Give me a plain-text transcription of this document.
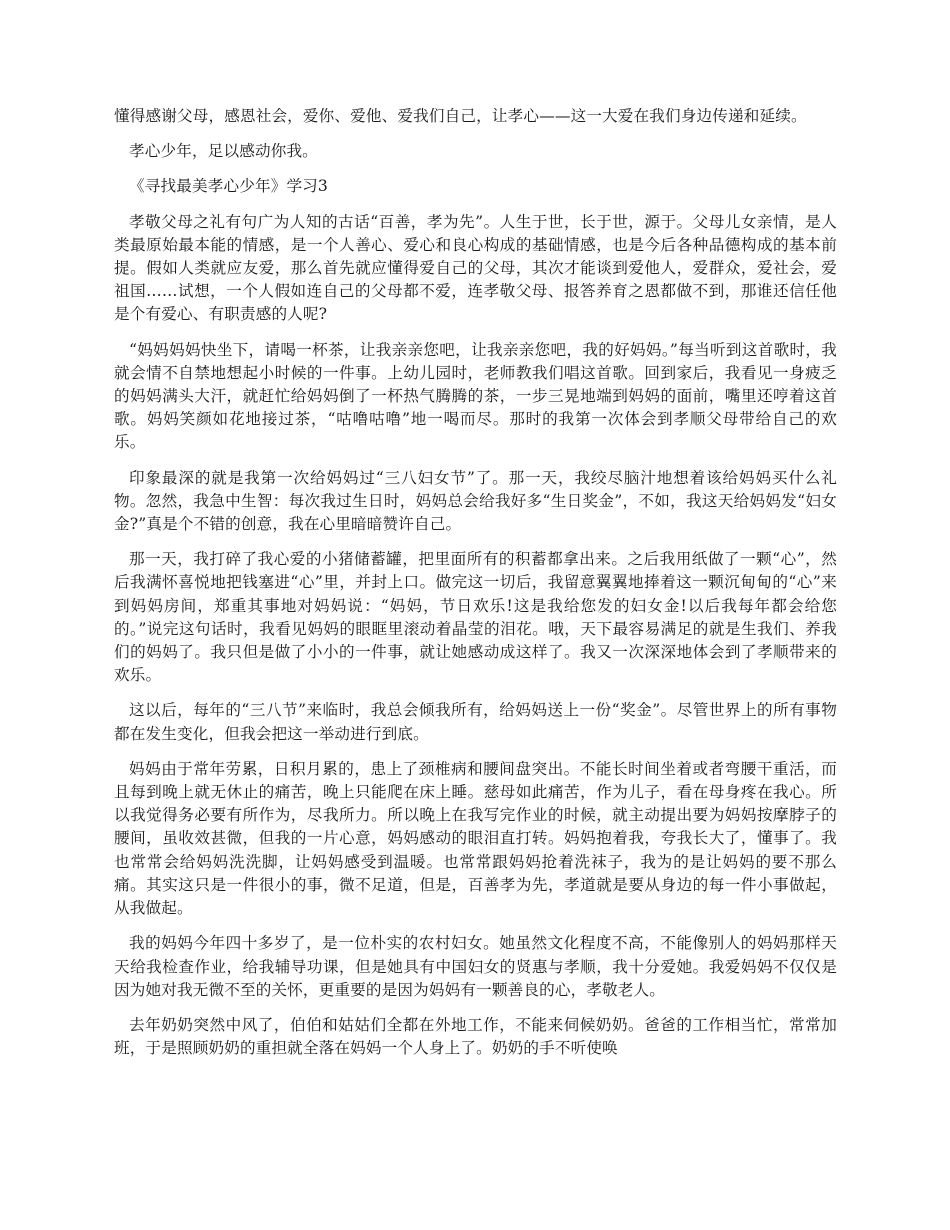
懂得感谢父母，感恩社会，爱你、爱他、爱我们自己，让孝心——这一大爱在我们身边传递和延续。

孝心少年，足以感动你我。

《寻找最美孝心少年》学习3

孝敬父母之礼有句广为人知的古话“百善，孝为先”。人生于世，长于世，源于。父母儿女亲情，是人类最原始最本能的情感，是一个人善心、爱心和良心构成的基础情感，也是今后各种品德构成的基本前提。假如人类就应友爱，那么首先就应懂得爱自己的父母，其次才能谈到爱他人，爱群众，爱社会，爱祖国……试想，一个人假如连自己的父母都不爱，连孝敬父母、报答养育之恩都做不到，那谁还信任他是个有爱心、有职责感的人呢?

“妈妈妈妈快坐下，请喝一杯茶，让我亲亲您吧，让我亲亲您吧，我的好妈妈。”每当听到这首歌时，我就会情不自禁地想起小时候的一件事。上幼儿园时，老师教我们唱这首歌。回到家后，我看见一身疲乏的妈妈满头大汗，就赶忙给妈妈倒了一杯热气腾腾的茶，一步三晃地端到妈妈的面前，嘴里还哼着这首歌。妈妈笑颜如花地接过茶，“咕噜咕噜”地一喝而尽。那时的我第一次体会到孝顺父母带给自己的欢乐。

印象最深的就是我第一次给妈妈过“三八妇女节”了。那一天，我绞尽脑汁地想着该给妈妈买什么礼物。忽然，我急中生智：每次我过生日时，妈妈总会给我好多“生日奖金”，不如，我这天给妈妈发“妇女金?”真是个不错的创意，我在心里暗暗赞许自己。

那一天，我打碎了我心爱的小猪储蓄罐，把里面所有的积蓄都拿出来。之后我用纸做了一颗“心”，然后我满怀喜悦地把钱塞进“心”里，并封上口。做完这一切后，我留意翼翼地捧着这一颗沉甸甸的“心”来到妈妈房间，郑重其事地对妈妈说：“妈妈，节日欢乐!这是我给您发的妇女金!以后我每年都会给您的。”说完这句话时，我看见妈妈的眼眶里滚动着晶莹的泪花。哦，天下最容易满足的就是生我们、养我们的妈妈了。我只但是做了小小的一件事，就让她感动成这样了。我又一次深深地体会到了孝顺带来的欢乐。

这以后，每年的“三八节”来临时，我总会倾我所有，给妈妈送上一份“奖金”。尽管世界上的所有事物都在发生变化，但我会把这一举动进行到底。

妈妈由于常年劳累，日积月累的，患上了颈椎病和腰间盘突出。不能长时间坐着或者弯腰干重活，而且每到晚上就无休止的痛苦，晚上只能爬在床上睡。慈母如此痛苦，作为儿子，看在母身疼在我心。所以我觉得务必要有所作为，尽我所力。所以晚上在我写完作业的时候，就主动提出要为妈妈按摩脖子的腰间，虽收效甚微，但我的一片心意，妈妈感动的眼泪直打转。妈妈抱着我，夸我长大了，懂事了。我也常常会给妈妈洗洗脚，让妈妈感受到温暖。也常常跟妈妈抢着洗袜子，我为的是让妈妈的要不那么痛。其实这只是一件很小的事，微不足道，但是，百善孝为先，孝道就是要从身边的每一件小事做起，从我做起。

我的妈妈今年四十多岁了，是一位朴实的农村妇女。她虽然文化程度不高，不能像别人的妈妈那样天天给我检查作业，给我辅导功课，但是她具有中国妇女的贤惠与孝顺，我十分爱她。我爱妈妈不仅仅是因为她对我无微不至的关怀，更重要的是因为妈妈有一颗善良的心，孝敬老人。

去年奶奶突然中风了，伯伯和姑姑们全都在外地工作，不能来伺候奶奶。爸爸的工作相当忙，常常加班，于是照顾奶奶的重担就全落在妈妈一个人身上了。奶奶的手不听使唤
